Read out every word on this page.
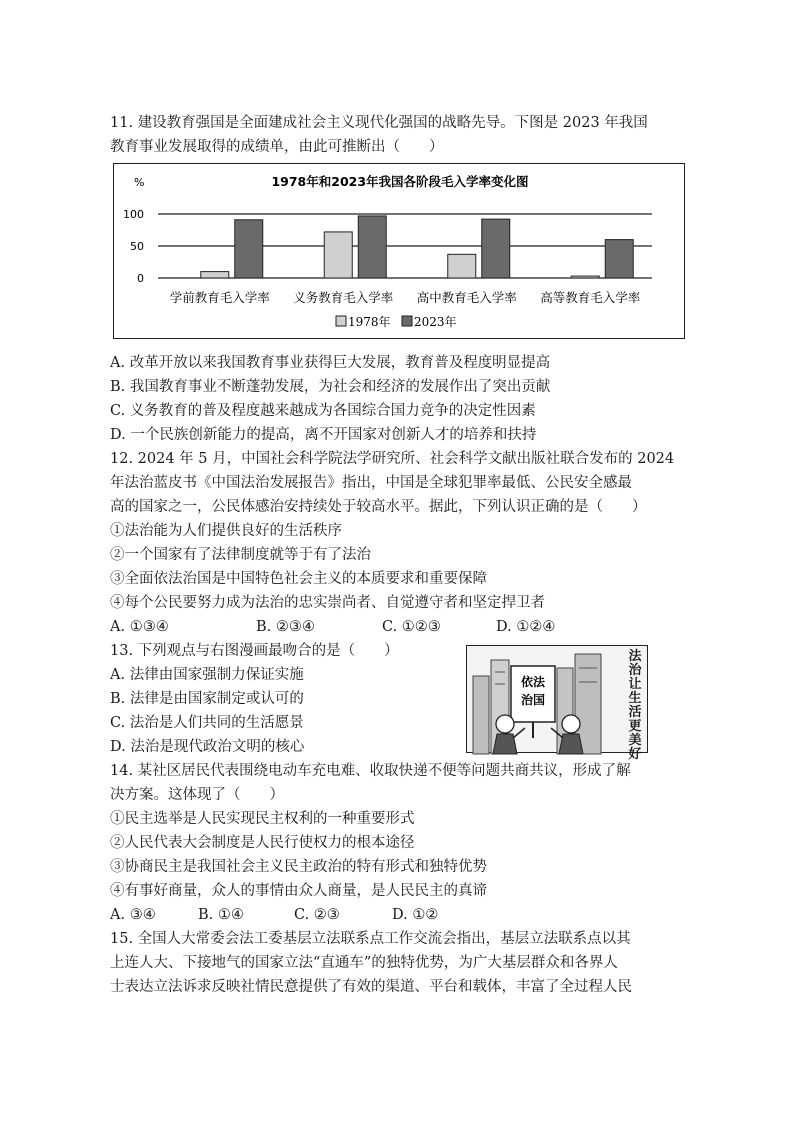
11. 建设教育强国是全面建成社会主义现代化强国的战略先导。下图是 2023 年我国
教育事业发展取得的成绩单，由此可推断出（　　）
1978年和2023年我国各阶段毛入学率变化图
%
100
50
0
学前教育毛入学率 义务教育毛入学率 高中教育毛入学率 高等教育毛入学率
1978年 2023年
A. 改革开放以来我国教育事业获得巨大发展，教育普及程度明显提高
B. 我国教育事业不断蓬勃发展，为社会和经济的发展作出了突出贡献
C. 义务教育的普及程度越来越成为各国综合国力竞争的决定性因素
D. 一个民族创新能力的提高，离不开国家对创新人才的培养和扶持
12. 2024 年 5 月，中国社会科学院法学研究所、社会科学文献出版社联合发布的 2024
年法治蓝皮书《中国法治发展报告》指出，中国是全球犯罪率最低、公民安全感最
高的国家之一，公民体感治安持续处于较高水平。据此，下列认识正确的是（　　）
①法治能为人们提供良好的生活秩序
②一个国家有了法律制度就等于有了法治
③全面依法治国是中国特色社会主义的本质要求和重要保障
④每个公民要努力成为法治的忠实崇尚者、自觉遵守者和坚定捍卫者
A. ①③④	B. ②③④	C. ①②③	D. ①②④
13. 下列观点与右图漫画最吻合的是（　　）
A. 法律由国家强制力保证实施
B. 法律是由国家制定或认可的
C. 法治是人们共同的生活愿景
D. 法治是现代政治文明的核心
依法
治国
法治让生活更美好
14. 某社区居民代表围绕电动车充电难、收取快递不便等问题共商共议，形成了解
决方案。这体现了（　　）
①民主选举是人民实现民主权利的一种重要形式
②人民代表大会制度是人民行使权力的根本途径
③协商民主是我国社会主义民主政治的特有形式和独特优势
④有事好商量，众人的事情由众人商量，是人民民主的真谛
A. ③④	B. ①④	C. ②③	D. ①②
15. 全国人大常委会法工委基层立法联系点工作交流会指出，基层立法联系点以其
上连人大、下接地气的国家立法“直通车”的独特优势，为广大基层群众和各界人
士表达立法诉求反映社情民意提供了有效的渠道、平台和载体，丰富了全过程人民
